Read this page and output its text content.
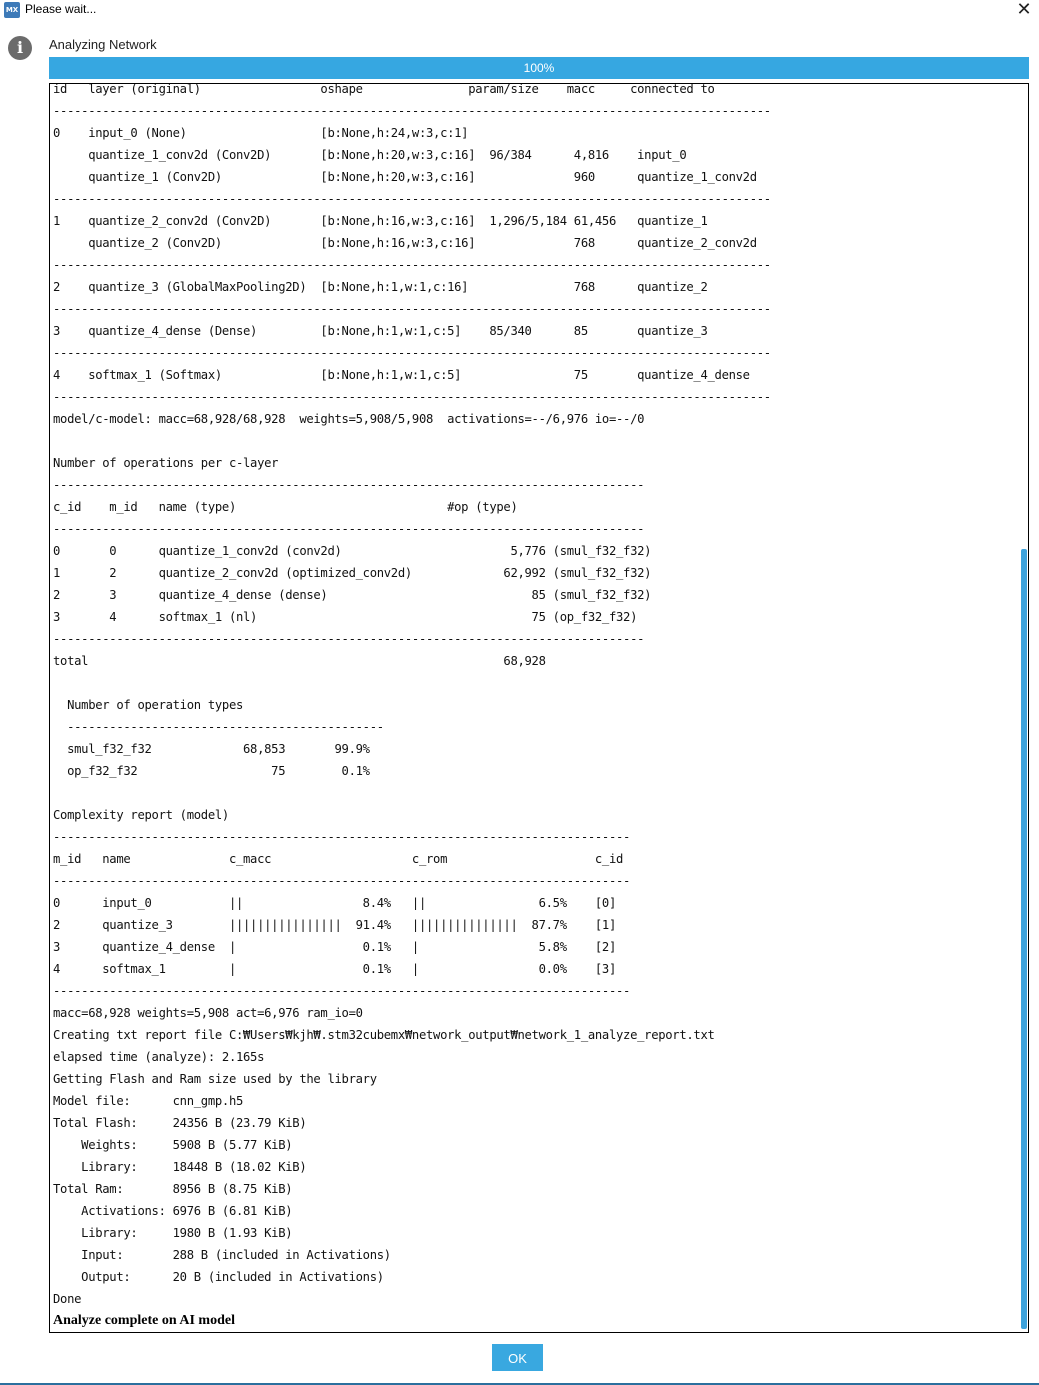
MX Please wait...	✕
i	Analyzing Network
100%
id   layer (original)                 oshape               param/size    macc     connected to
------------------------------------------------------------------------------------------------------
0    input_0 (None)                   [b:None,h:24,w:3,c:1]
quantize_1_conv2d (Conv2D)       [b:None,h:20,w:3,c:16]  96/384      4,816    input_0
quantize_1 (Conv2D)              [b:None,h:20,w:3,c:16]              960      quantize_1_conv2d
------------------------------------------------------------------------------------------------------
1    quantize_2_conv2d (Conv2D)       [b:None,h:16,w:3,c:16]  1,296/5,184 61,456   quantize_1
quantize_2 (Conv2D)              [b:None,h:16,w:3,c:16]              768      quantize_2_conv2d
------------------------------------------------------------------------------------------------------
2    quantize_3 (GlobalMaxPooling2D)  [b:None,h:1,w:1,c:16]               768      quantize_2
------------------------------------------------------------------------------------------------------
3    quantize_4_dense (Dense)         [b:None,h:1,w:1,c:5]    85/340      85       quantize_3
------------------------------------------------------------------------------------------------------
4    softmax_1 (Softmax)              [b:None,h:1,w:1,c:5]                75       quantize_4_dense
------------------------------------------------------------------------------------------------------
model/c-model: macc=68,928/68,928  weights=5,908/5,908  activations=--/6,976 io=--/0

Number of operations per c-layer
------------------------------------------------------------------------------------
c_id    m_id   name (type)                              #op (type)
------------------------------------------------------------------------------------
0       0      quantize_1_conv2d (conv2d)                        5,776 (smul_f32_f32)
1       2      quantize_2_conv2d (optimized_conv2d)             62,992 (smul_f32_f32)
2       3      quantize_4_dense (dense)                             85 (smul_f32_f32)
3       4      softmax_1 (nl)                                       75 (op_f32_f32)
------------------------------------------------------------------------------------
total                                                           68,928

Number of operation types
---------------------------------------------
smul_f32_f32             68,853       99.9%
op_f32_f32                   75        0.1%

Complexity report (model)
----------------------------------------------------------------------------------
m_id   name              c_macc                    c_rom                     c_id
----------------------------------------------------------------------------------
0      input_0           ||                 8.4%   ||                6.5%    [0]
2      quantize_3        ||||||||||||||||  91.4%   |||||||||||||||  87.7%    [1]
3      quantize_4_dense  |                  0.1%   |                 5.8%    [2]
4      softmax_1         |                  0.1%   |                 0.0%    [3]
----------------------------------------------------------------------------------
macc=68,928 weights=5,908 act=6,976 ram_io=0
Creating txt report file C:₩Users₩kjh₩.stm32cubemx₩network_output₩network_1_analyze_report.txt
elapsed time (analyze): 2.165s
Getting Flash and Ram size used by the library
Model file:      cnn_gmp.h5
Total Flash:     24356 B (23.79 KiB)
Weights:     5908 B (5.77 KiB)
Library:     18448 B (18.02 KiB)
Total Ram:       8956 B (8.75 KiB)
Activations: 6976 B (6.81 KiB)
Library:     1980 B (1.93 KiB)
Input:       288 B (included in Activations)
Output:      20 B (included in Activations)
Done
Analyze complete on AI model
OK
